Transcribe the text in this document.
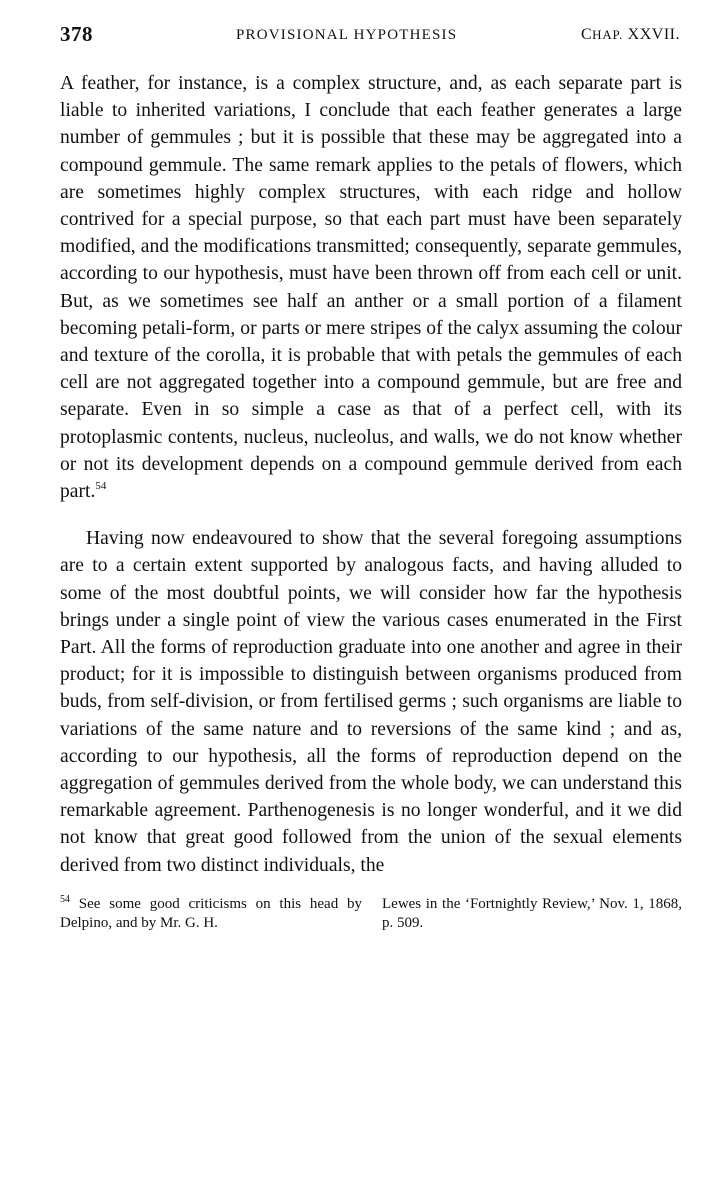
378	PROVISIONAL HYPOTHESIS	CHAP. XXVII.

A feather, for instance, is a complex structure, and, as each separate part is liable to inherited variations, I conclude that each feather generates a large number of gemmules ; but it is possible that these may be aggregated into a compound gemmule. The same remark applies to the petals of flowers, which are sometimes highly complex structures, with each ridge and hollow contrived for a special purpose, so that each part must have been separately modified, and the modifications transmitted; consequently, separate gemmules, according to our hypothesis, must have been thrown off from each cell or unit. But, as we sometimes see half an anther or a small portion of a filament becoming petali-form, or parts or mere stripes of the calyx assuming the colour and texture of the corolla, it is probable that with petals the gemmules of each cell are not aggregated together into a compound gemmule, but are free and separate. Even in so simple a case as that of a perfect cell, with its protoplasmic contents, nucleus, nucleolus, and walls, we do not know whether or not its development depends on a compound gemmule derived from each part.$^{54}$

Having now endeavoured to show that the several foregoing assumptions are to a certain extent supported by analogous facts, and having alluded to some of the most doubtful points, we will consider how far the hypothesis brings under a single point of view the various cases enumerated in the First Part. All the forms of reproduction graduate into one another and agree in their product; for it is impossible to distinguish between organisms produced from buds, from self-division, or from fertilised germs ; such organisms are liable to variations of the same nature and to reversions of the same kind ; and as, according to our hypothesis, all the forms of reproduction depend on the aggregation of gemmules derived from the whole body, we can understand this remarkable agreement. Parthenogenesis is no longer wonderful, and it we did not know that great good followed from the union of the sexual elements derived from two distinct individuals, the

$^{54}$ See some good criticisms on this head by Delpino, and by Mr. G. H.
Lewes in the ‘Fortnightly Review,’ Nov. 1, 1868, p. 509.
